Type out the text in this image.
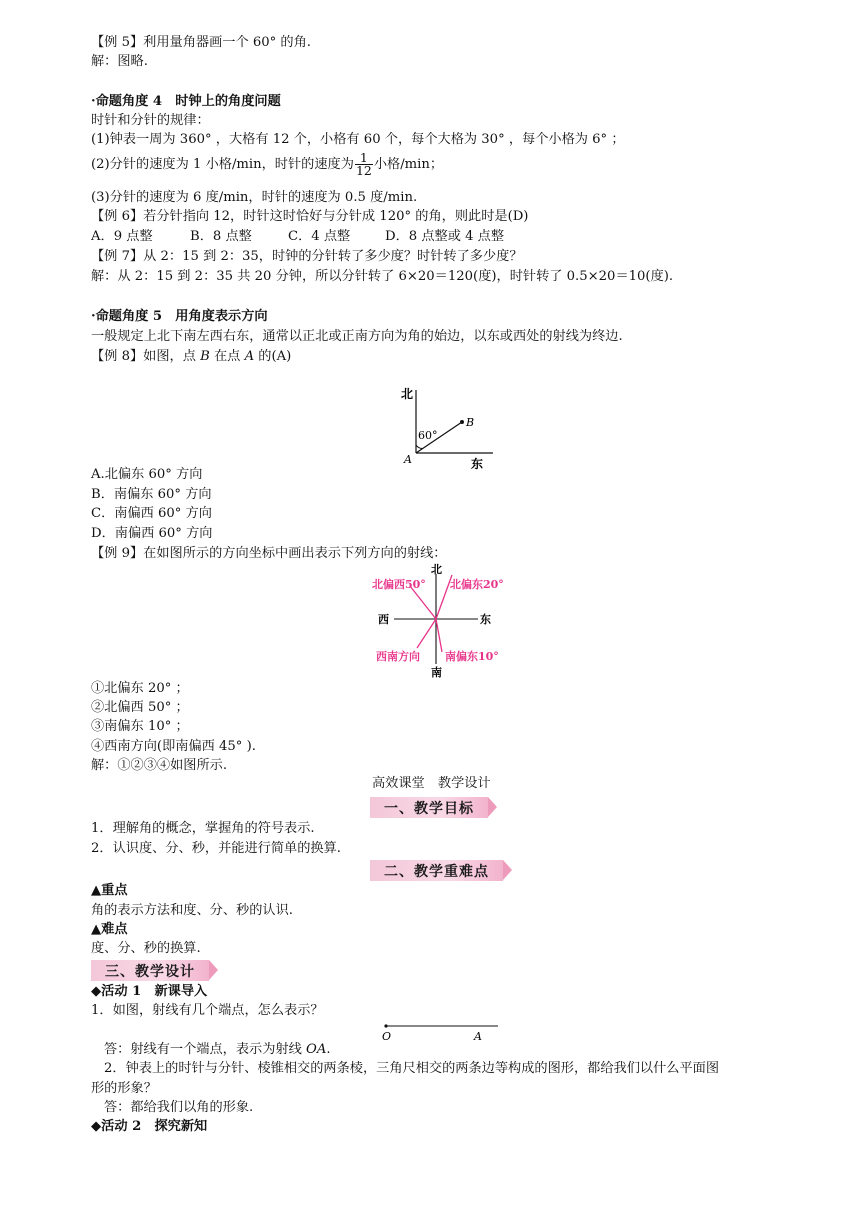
【例 5】利用量角器画一个 60° 的角.
解：图略.
·命题角度 4　时钟上的角度问题
时针和分针的规律：
(1)钟表一周为 360° ，大格有 12 个，小格有 60 个，每个大格为 30° ，每个小格为 6° ；
(2)分针的速度为 1 小格/min，时针的速度为 $\frac{1}{12}$ 小格/min；
(3)分针的速度为 6 度/min，时针的速度为 0.5 度/min.
【例 6】若分针指向 12，时针这时恰好与分针成 120° 的角，则此时是(D)
A．9 点整	B．8 点整	C．4 点整	D．8 点整或 4 点整
【例 7】从 2：15 到 2：35，时钟的分针转了多少度？时针转了多少度？
解：从 2：15 到 2：35 共 20 分钟，所以分针转了 6×20＝120(度)，时针转了 0.5×20＝10(度).
·命题角度 5　用角度表示方向
一般规定上北下南左西右东，通常以正北或正南方向为角的始边，以东或西处的射线为终边.
【例 8】如图，点 B 在点 A 的(A)
北
东
60°
A
B
A.北偏东 60° 方向
B．南偏东 60° 方向
C．南偏西 60° 方向
D．南偏西 60° 方向
【例 9】在如图所示的方向坐标中画出表示下列方向的射线：
北
南
西	东
北偏西50° 北偏东20°
西南方向 南偏东10°
①北偏东 20° ；
②北偏西 50° ；
③南偏东 10° ；
④西南方向(即南偏西 45° ).
解：①②③④如图所示.
高效课堂　教学设计
一、教学目标
1．理解角的概念，掌握角的符号表示.
2．认识度、分、秒，并能进行简单的换算.
二、教学重难点
▲重点
角的表示方法和度、分、秒的认识.
▲难点
度、分、秒的换算.
三、教学设计
◆活动 1　新课导入
1．如图，射线有几个端点，怎么表示？
O	A
答：射线有一个端点，表示为射线 OA.
2．钟表上的时针与分针、棱锥相交的两条棱，三角尺相交的两条边等构成的图形，都给我们以什么平面图
形的形象？
答：都给我们以角的形象.
◆活动 2　探究新知
